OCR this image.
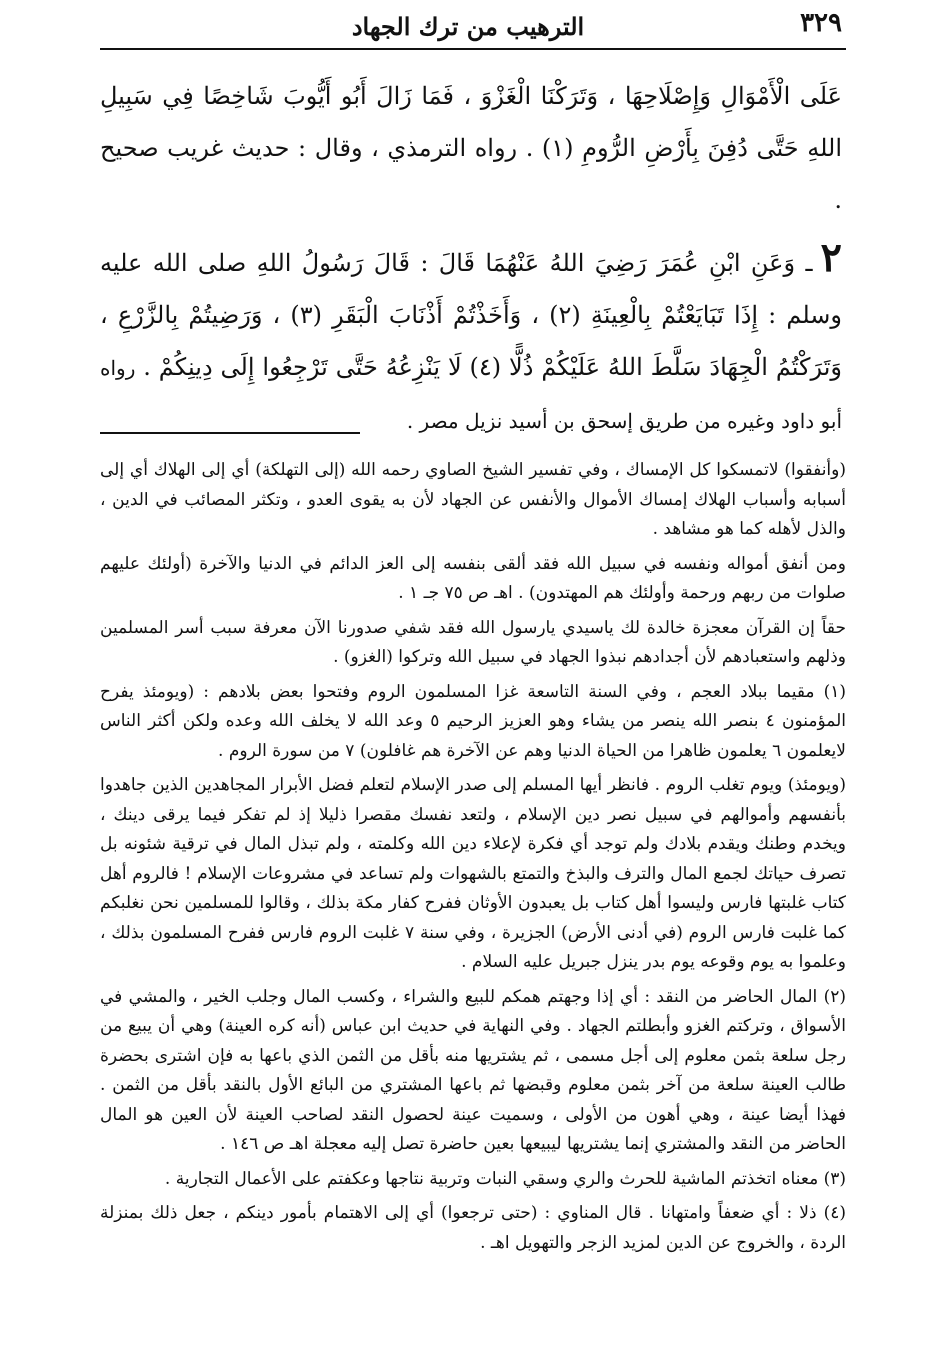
٣٢٩
الترهيب من ترك الجهاد

عَلَى الْأَمْوَالِ وَإِصْلَاحِهَا ، وَتَرَكْنَا الْغَزْوَ ، فَمَا زَالَ أَبُو أَيُّوبَ شَاخِصًا فِي سَبِيلِ اللهِ حَتَّى دُفِنَ بِأَرْضِ الرُّومِ (١) . رواه الترمذي ، وقال : حديث غريب صحيح .

٢ـ وَعَنِ ابْنِ عُمَرَ رَضِيَ اللهُ عَنْهُمَا قَالَ : قَالَ رَسُولُ اللهِ صلى الله عليه وسلم : إِذَا تَبَايَعْتُمْ بِالْعِينَةِ (٢) ، وَأَخَذْتُمْ أَذْنَابَ الْبَقَرِ (٣) ، وَرَضِيتُمْ بِالزَّرْعِ ، وَتَرَكْتُمُ الْجِهَادَ سَلَّطَ اللهُ عَلَيْكُمْ ذُلًّا (٤) لَا يَنْزِعُهُ حَتَّى تَرْجِعُوا إِلَى دِينِكُمْ . رواه أبو داود وغيره من طريق إسحق بن أسيد نزيل مصر .

(وأنفقوا) لاتمسكوا كل الإمساك ، وفي تفسير الشيخ الصاوي رحمه الله (إلى التهلكة) أي إلى الهلاك أي إلى أسبابه وأسباب الهلاك إمساك الأموال والأنفس عن الجهاد لأن به يقوى العدو ، وتكثر المصائب في الدين ، والذل لأهله كما هو مشاهد .

ومن أنفق أمواله ونفسه في سبيل الله فقد ألقى بنفسه إلى العز الدائم في الدنيا والآخرة (أولئك عليهم صلوات من ربهم ورحمة وأولئك هم المهتدون) . اهـ ص ٧٥ جـ ١ .

حقاً إن القرآن معجزة خالدة لك ياسيدي يارسول الله فقد شفي صدورنا الآن معرفة سبب أسر المسلمين وذلهم واستعبادهم لأن أجدادهم نبذوا الجهاد في سبيل الله وتركوا (الغزو) .

(١) مقيما ببلاد العجم ، وفي السنة التاسعة غزا المسلمون الروم وفتحوا بعض بلادهم : (ويومئذ يفرح المؤمنون ٤ بنصر الله ينصر من يشاء وهو العزيز الرحيم ٥ وعد الله لا يخلف الله وعده ولكن أكثر الناس لايعلمون ٦ يعلمون ظاهرا من الحياة الدنيا وهم عن الآخرة هم غافلون) ٧ من سورة الروم .

(ويومئذ) ويوم تغلب الروم . فانظر أيها المسلم إلى صدر الإسلام لتعلم فضل الأبرار المجاهدين الذين جاهدوا بأنفسهم وأموالهم في سبيل نصر دين الإسلام ، ولتعد نفسك مقصرا ذليلا إذ لم تفكر فيما يرقى دينك ، ويخدم وطنك ويقدم بلادك ولم توجد أي فكرة لإعلاء دين الله وكلمته ، ولم تبذل المال في ترقية شئونه بل تصرف حياتك لجمع المال والترف والبذخ والتمتع بالشهوات ولم تساعد في مشروعات الإسلام ! فالروم أهل كتاب غلبتها فارس وليسوا أهل كتاب بل يعبدون الأوثان ففرح كفار مكة بذلك ، وقالوا للمسلمين نحن نغلبكم كما غلبت فارس الروم (في أدنى الأرض) الجزيرة ، وفي سنة ٧ غلبت الروم فارس ففرح المسلمون بذلك ، وعلموا به يوم وقوعه يوم بدر ينزل جبريل عليه السلام .

(٢) المال الحاضر من النقد : أي إذا وجهتم همكم للبيع والشراء ، وكسب المال وجلب الخير ، والمشي في الأسواق ، وتركتم الغزو وأبطلتم الجهاد . وفي النهاية في حديث ابن عباس (أنه كره العينة) وهي أن يبيع من رجل سلعة بثمن معلوم إلى أجل مسمى ، ثم يشتريها منه بأقل من الثمن الذي باعها به فإن اشترى بحضرة طالب العينة سلعة من آخر بثمن معلوم وقبضها ثم باعها المشتري من البائع الأول بالنقد بأقل من الثمن . فهذا أيضا عينة ، وهي أهون من الأولى ، وسميت عينة لحصول النقد لصاحب العينة لأن العين هو المال الحاضر من النقد والمشتري إنما يشتريها ليبيعها بعين حاضرة تصل إليه معجلة اهـ ص ١٤٦ .

(٣) معناه اتخذتم الماشية للحرث والري وسقي النبات وتربية نتاجها وعكفتم على الأعمال التجارية .

(٤) ذلا : أي ضعفاً وامتهانا . قال المناوي : (حتى ترجعوا) أي إلى الاهتمام بأمور دينكم ، جعل ذلك بمنزلة الردة ، والخروج عن الدين لمزيد الزجر والتهويل اهـ .
